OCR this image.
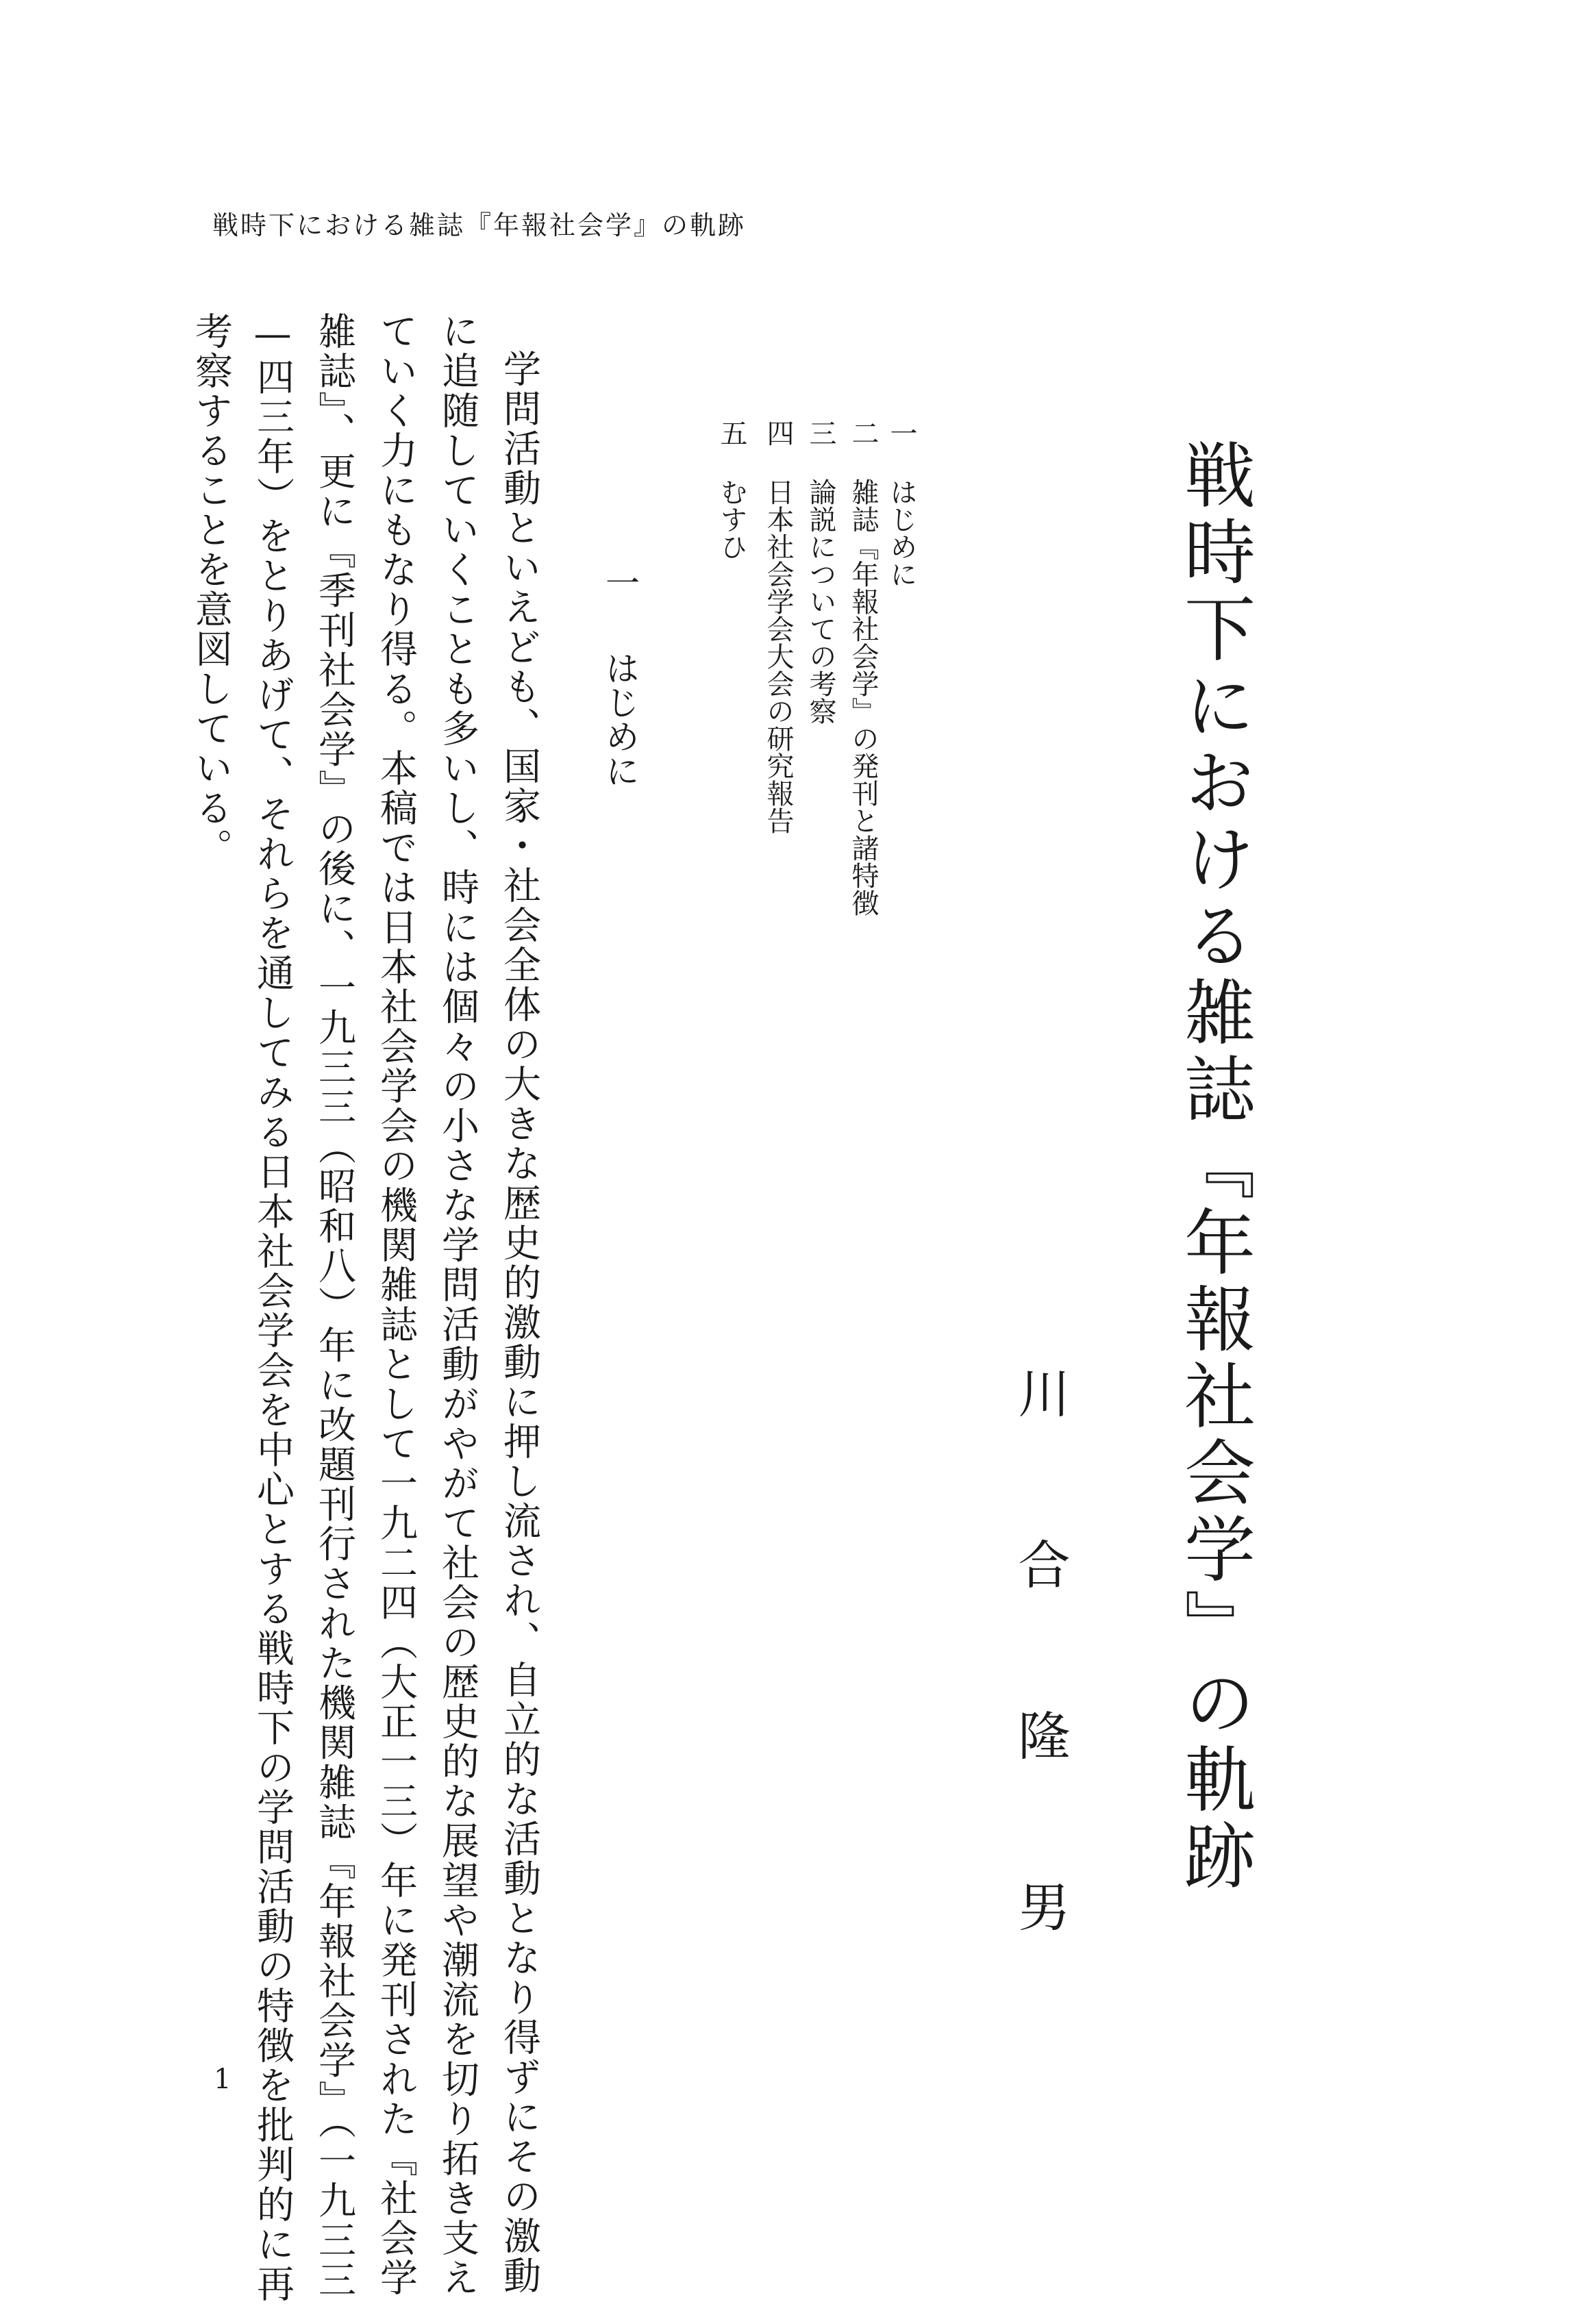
戦時下における雑誌『年報社会学』の軌跡
戦時下における雑誌『年報社会学』の軌跡
川合隆男
一はじめに
二雑誌『年報社会学』の発刊と諸特徴
三論説についての考察
四日本社会学会大会の研究報告
五むすひ
一はじめに
学問活動といえども、国家・社会全体の大きな歴史的激動に押し流され、自立的な活動となり得ずにその激動
に追随していくことも多いし、時には個々の小さな学問活動がやがて社会の歴史的な展望や潮流を切り拓き支え
ていく力にもなり得る。本稿では日本社会学会の機関雑誌として一九二四（大正一三）年に発刊された『社会学
雑誌』、更に『季刊社会学』の後に、一九三三（昭和八）年に改題刊行された機関雑誌『年報社会学』（一九三三
—四三年）をとりあげて、それらを通してみる日本社会学会を中心とする戦時下の学問活動の特徴を批判的に再
考察することを意図している。
1
